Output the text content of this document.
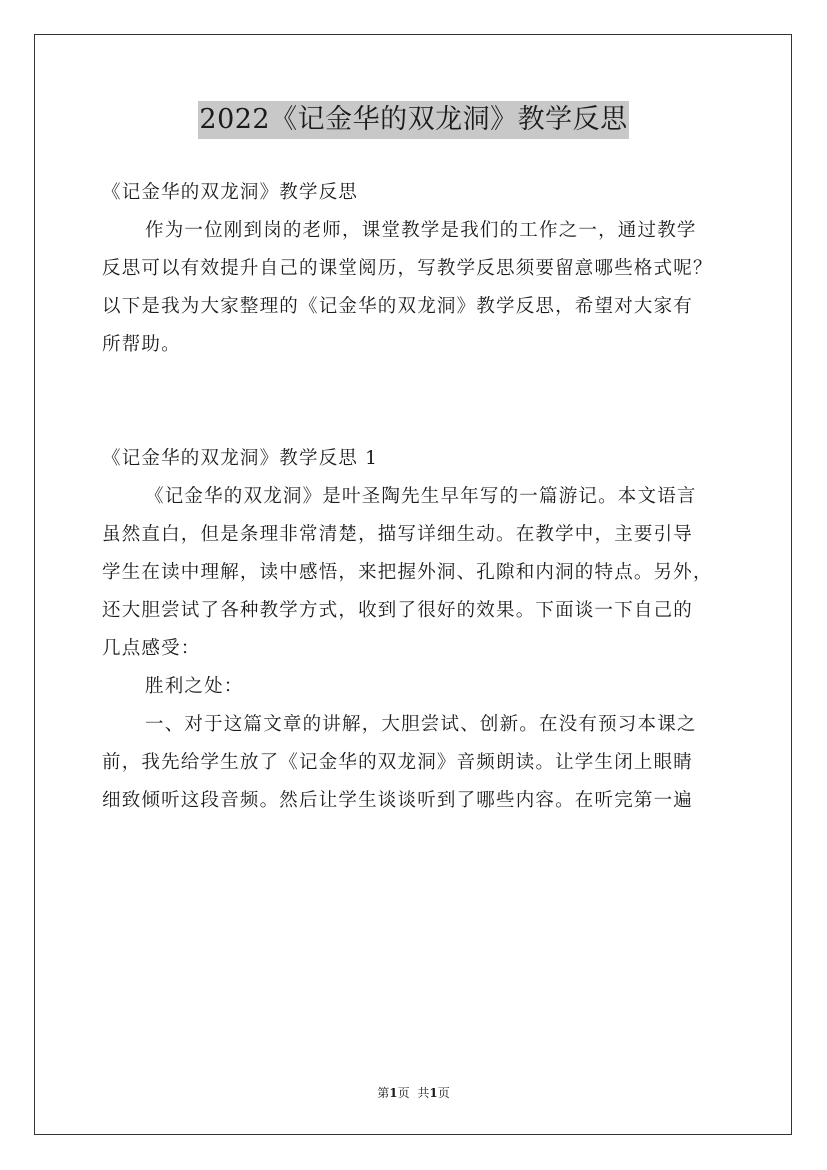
2022《记金华的双龙洞》教学反思
《记金华的双龙洞》教学反思
作为一位刚到岗的老师，课堂教学是我们的工作之一，通过教学
反思可以有效提升自己的课堂阅历，写教学反思须要留意哪些格式呢？
以下是我为大家整理的《记金华的双龙洞》教学反思，希望对大家有
所帮助。
《记金华的双龙洞》教学反思 1
《记金华的双龙洞》是叶圣陶先生早年写的一篇游记。本文语言
虽然直白，但是条理非常清楚，描写详细生动。在教学中，主要引导
学生在读中理解，读中感悟，来把握外洞、孔隙和内洞的特点。另外，
还大胆尝试了各种教学方式，收到了很好的效果。下面谈一下自己的
几点感受：
胜利之处：
一、对于这篇文章的讲解，大胆尝试、创新。在没有预习本课之
前，我先给学生放了《记金华的双龙洞》音频朗读。让学生闭上眼睛
细致倾听这段音频。然后让学生谈谈听到了哪些内容。在听完第一遍
第1页 共1页
